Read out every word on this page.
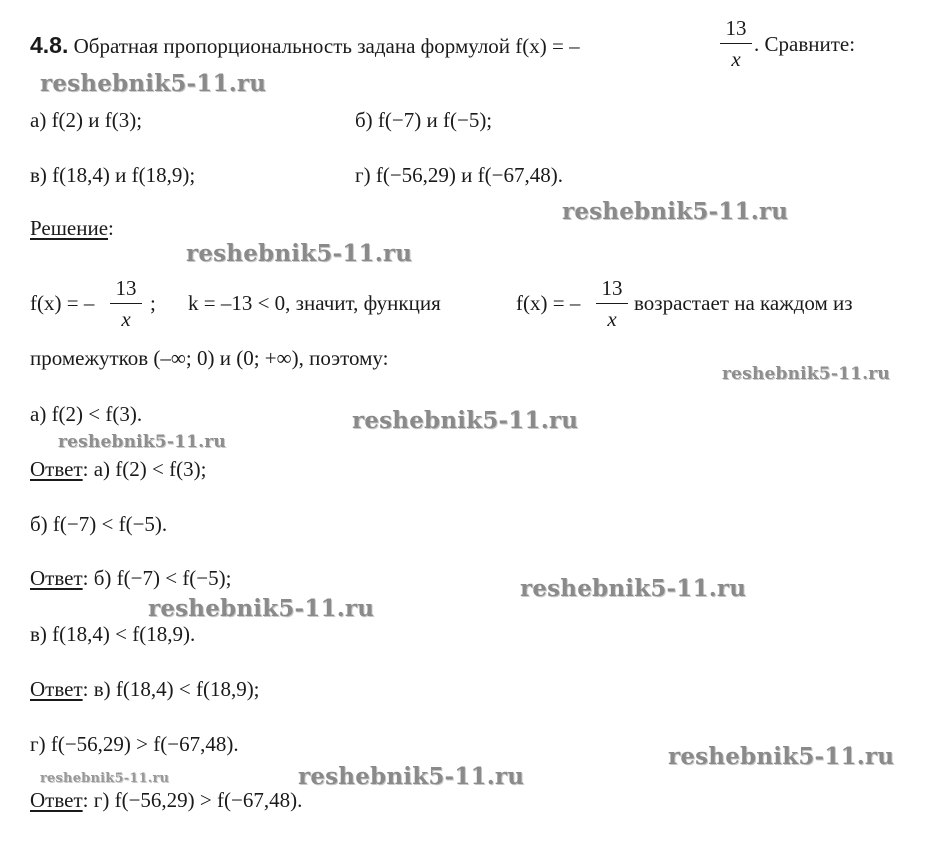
4.8. Обратная пропорциональность задана формулой f(x) = –	$\frac{13}{x}$ . Сравните:
а) f(2) и f(3);	б) f(−7) и f(−5);
в) f(18,4) и f(18,9);	г) f(−56,29) и f(−67,48).
Решение:
f(x) = – $\frac{13}{x}$ ; k = –13 < 0, значит, функция	f(x) = – $\frac{13}{x}$ возрастает на каждом из
промежутков (–∞; 0) и (0; +∞), поэтому:
а) f(2) < f(3).
Ответ: а) f(2) < f(3);
б) f(−7) < f(−5).
Ответ: б) f(−7) < f(−5);
в) f(18,4) < f(18,9).
Ответ: в) f(18,4) < f(18,9);
г) f(−56,29) > f(−67,48).
Ответ: г) f(−56,29) > f(−67,48).
reshebnik5-11.ru
reshebnik5-11.ru
reshebnik5-11.ru
reshebnik5-11.ru
reshebnik5-11.ru
reshebnik5-11.ru
reshebnik5-11.ru
reshebnik5-11.ru
reshebnik5-11.ru
reshebnik5-11.ru
reshebnik5-11.ru
